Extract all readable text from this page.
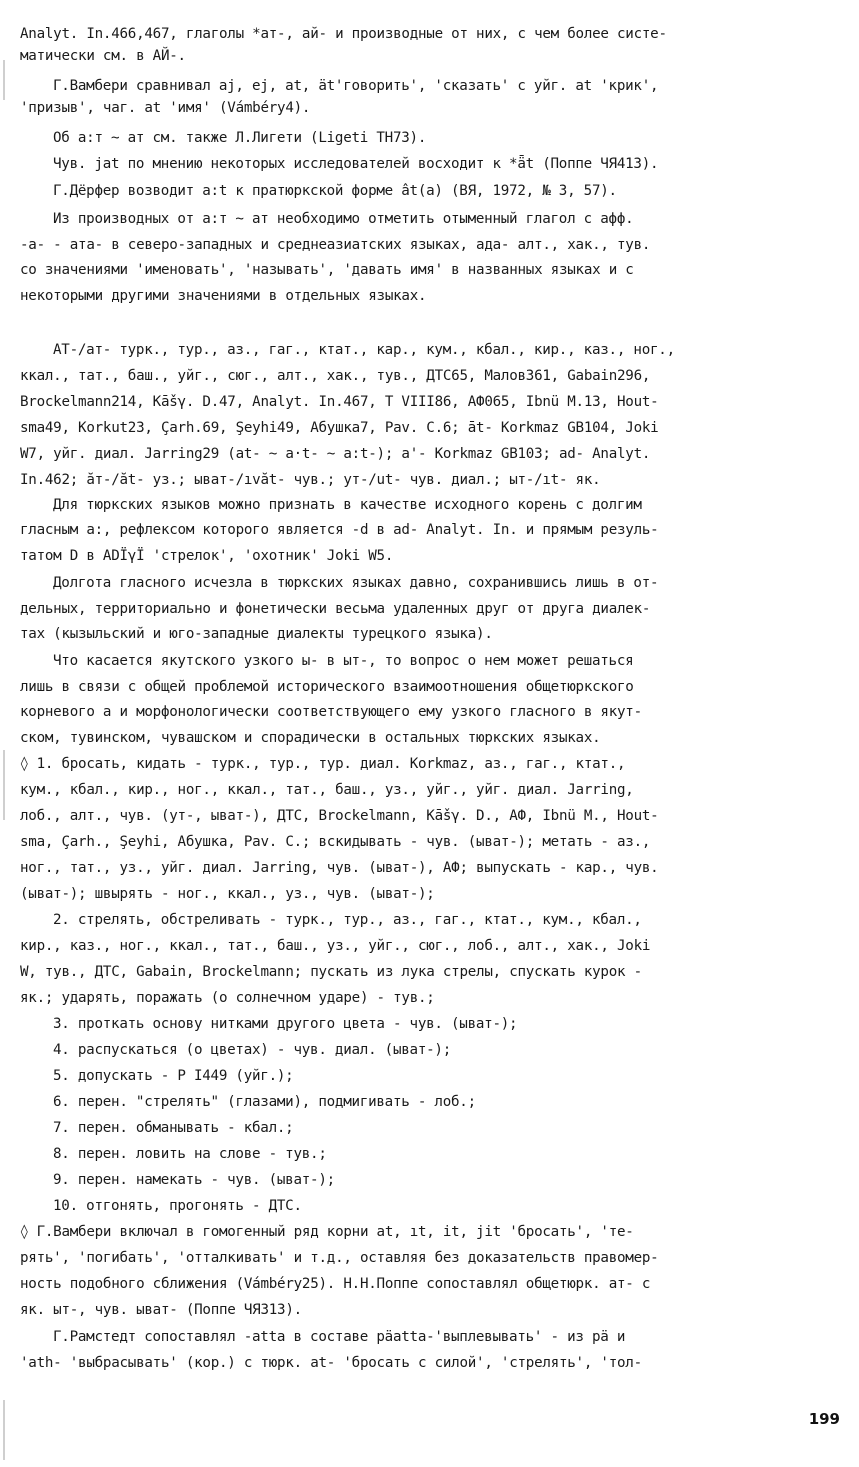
Analyt. In.466,467, глаголы *ат-, ай- и производные от них, с чем более систе-
матически см. в АЙ-.
Г.Вамбери сравнивал aj, ej, at, ät'говорить', 'сказать' с уйг. at 'крик',
'призыв', чаг. at 'имя' (Vámbéry4).
Об а:т ~ ат см. также Л.Лигети (Ligeti TH73).
Чув. jat по мнению некоторых исследователей восходит к *ǟt (Поппе ЧЯ413).
Г.Дёрфер возводит a:t к пратюркской форме ât(a) (ВЯ, 1972, № 3, 57).
Из производных от а:т ~ ат необходимо отметить отыменный глагол с афф.
-а- - ата- в северо-западных и среднеазиатских языках, ада- алт., хак., тув.
со значениями 'именовать', 'называть', 'давать имя' в названных языках и с
некоторыми другими значениями в отдельных языках.
АТ-/ат- турк., тур., аз., гаг., ктат., кар., кум., кбал., кир., каз., ног.,
ккал., тат., баш., уйг., сюг., алт., хак., тув., ДТС65, Малов361, Gabain296,
Brockelmann214, Kāšγ. D.47, Analyt. In.467, T VIII86, АФ065, Ibnü M.13, Hout-
sma49, Korkut23, Çarh.69, Şeyhi49, Абушка7, Pav. C.6; āt- Korkmaz GB104, Joki
W7, уйг. диал. Jarring29 (at- ~ a·t- ~ a:t-); a'- Korkmaz GB103; ad- Analyt.
In.462; ăт-/ăt- уз.; ыват-/ıvăt- чув.; ут-/ut- чув. диал.; ыт-/ıt- як.
Для тюркских языков можно признать в качестве исходного корень с долгим
гласным а:, рефлексом которого является -d в ad- Analyt. In. и прямым резуль-
татом D в ADÏγÏ 'стрелок', 'охотник' Joki W5.
Долгота гласного исчезла в тюркских языках давно, сохранившись лишь в от-
дельных, территориально и фонетически весьма удаленных друг от друга диалек-
тах (кызыльский и юго-западные диалекты турецкого языка).
Что касается якутского узкого ы- в ыт-, то вопрос о нем может решаться
лишь в связи с общей проблемой исторического взаимоотношения общетюркского
корневого а и морфонологически соответствующего ему узкого гласного в якут-
ском, тувинском, чувашском и спорадически в остальных тюркских языках.
◊ 1. бросать, кидать - турк., тур., тур. диал. Korkmaz, аз., гаг., ктат.,
кум., кбал., кир., ног., ккал., тат., баш., уз., уйг., уйг. диал. Jarring,
лоб., алт., чув. (ут-, ыват-), ДТС, Brockelmann, Kāšγ. D., АФ, Ibnü M., Hout-
sma, Çarh., Şeyhi, Абушка, Pav. C.; вскидывать - чув. (ыват-); метать - аз.,
ног., тат., уз., уйг. диал. Jarring, чув. (ыват-), АФ; выпускать - кар., чув.
(ыват-); швырять - ног., ккал., уз., чув. (ыват-);
2. стрелять, обстреливать - турк., тур., аз., гаг., ктат., кум., кбал.,
кир., каз., ног., ккал., тат., баш., уз., уйг., сюг., лоб., алт., хак., Joki
W, тув., ДТС, Gabain, Brockelmann; пускать из лука стрелы, спускать курок -
як.; ударять, поражать (о солнечном ударе) - тув.;
3. проткать основу нитками другого цвета - чув. (ыват-);
4. распускаться (о цветах) - чув. диал. (ыват-);
5. допускать - Р I449 (уйг.);
6. перен. "стрелять" (глазами), подмигивать - лоб.;
7. перен. обманывать - кбал.;
8. перен. ловить на слове - тув.;
9. перен. намекать - чув. (ыват-);
10. отгонять, прогонять - ДТС.
◊ Г.Вамбери включал в гомогенный ряд корни at, ıt, it, jit 'бросать', 'те-
рять', 'погибать', 'отталкивать' и т.д., оставляя без доказательств правомер-
ность подобного сближения (Vámbéry25). Н.Н.Поппе сопоставлял общетюрк. ат- с
як. ыт-, чув. ыват- (Поппе ЧЯ313).
Г.Рамстедт сопоставлял -atta в составе päatta-'выплевывать' - из pä и
'ath- 'выбрасывать' (кор.) с тюрк. at- 'бросать с силой', 'стрелять', 'тол-
199
